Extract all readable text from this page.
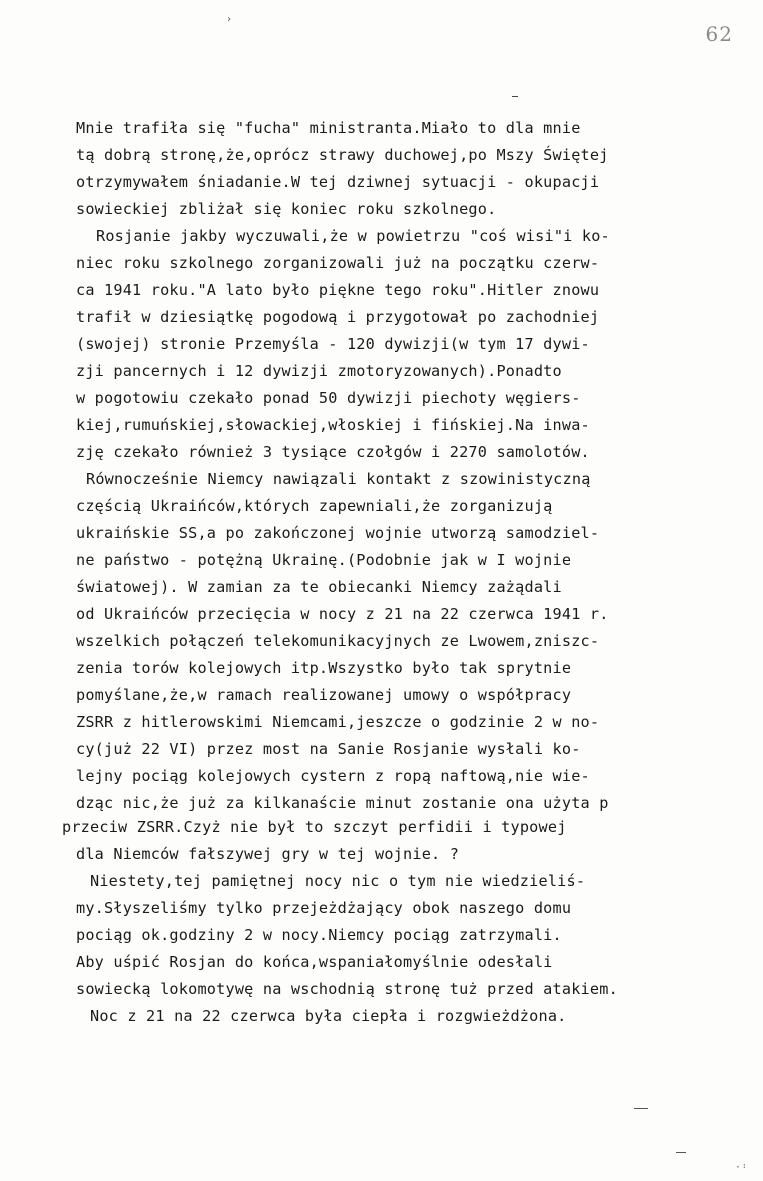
62
›
Mnie trafiła się "fucha" ministranta.Miało to dla mnie
tą dobrą stronę,że,oprócz strawy duchowej,po Mszy Świętej
otrzymywałem śniadanie.W tej dziwnej sytuacji - okupacji
sowieckiej zbliżał się koniec roku szkolnego.
Rosjanie jakby wyczuwali,że w powietrzu "coś wisi"i ko-
niec roku szkolnego zorganizowali już na początku czerw-
ca 1941 roku."A lato było piękne tego roku".Hitler znowu
trafił w dziesiątkę pogodową i przygotował po zachodniej
(swojej) stronie Przemyśla - 120 dywizji(w tym 17 dywi-
zji pancernych i 12 dywizji zmotoryzowanych).Ponadto
w pogotowiu czekało ponad 50 dywizji piechoty węgiers-
kiej,rumuńskiej,słowackiej,włoskiej i fińskiej.Na inwa-
zję czekało również 3 tysiące czołgów i 2270 samolotów.
Równocześnie Niemcy nawiązali kontakt z szowinistyczną
częścią Ukraińców,których zapewniali,że zorganizują
ukraińskie SS,a po zakończonej wojnie utworzą samodziel-
ne państwo - potężną Ukrainę.(Podobnie jak w I wojnie
światowej). W zamian za te obiecanki Niemcy zażądali
od Ukraińców przecięcia w nocy z 21 na 22 czerwca 1941 r.
wszelkich połączeń telekomunikacyjnych ze Lwowem,zniszc-
zenia torów kolejowych itp.Wszystko było tak sprytnie
pomyślane,że,w ramach realizowanej umowy o współpracy
ZSRR z hitlerowskimi Niemcami,jeszcze o godzinie 2 w no-
cy(już 22 VI) przez most na Sanie Rosjanie wysłali ko-
lejny pociąg kolejowych cystern z ropą naftową,nie wie-
dząc nic,że już za kilkanaście minut zostanie ona użyta p
przeciw ZSRR.Czyż nie był to szczyt perfidii i typowej
dla Niemców fałszywej gry w tej wojnie. ?
Niestety,tej pamiętnej nocy nic o tym nie wiedzieliś-
my.Słyszeliśmy tylko przejeżdżający obok naszego domu
pociąg ok.godziny 2 w nocy.Niemcy pociąg zatrzymali.
Aby uśpić Rosjan do końca,wspaniałomyślnie odesłali
sowiecką lokomotywę na wschodnią stronę tuż przed atakiem.
Noc z 21 na 22 czerwca była ciepła i rozgwieżdżona.
·᠄
